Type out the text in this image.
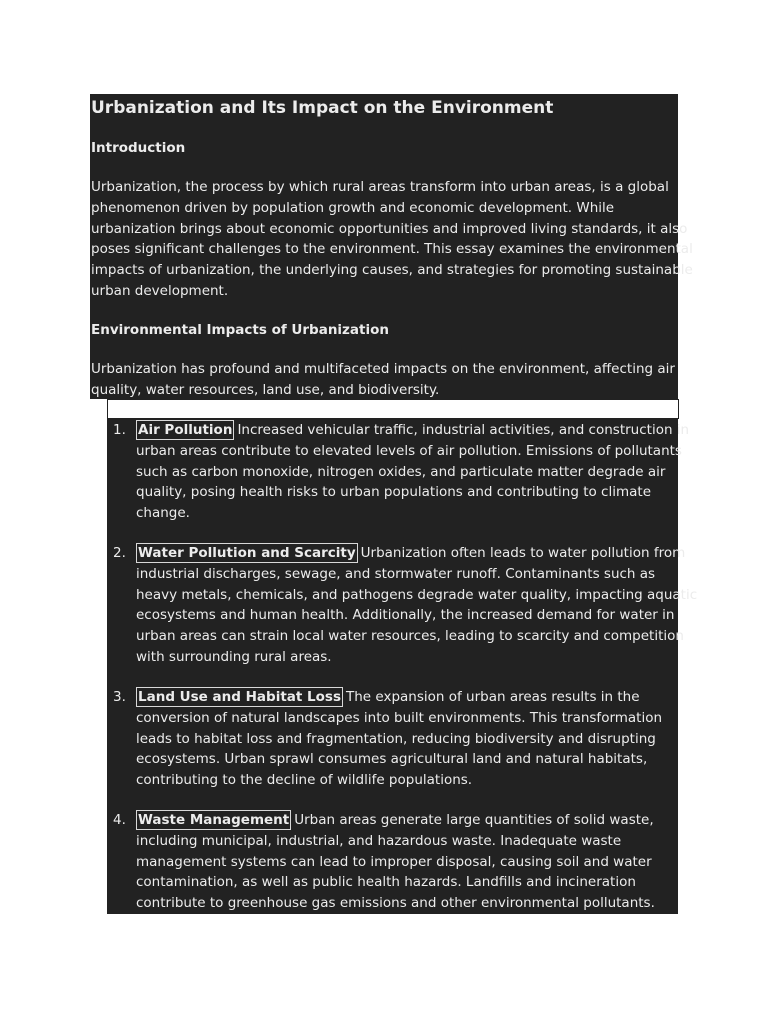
Urbanization and Its Impact on the Environment
Introduction

Urbanization, the process by which rural areas transform into urban areas, is a global
phenomenon driven by population growth and economic development. While
urbanization brings about economic opportunities and improved living standards, it also
poses significant challenges to the environment. This essay examines the environmental
impacts of urbanization, the underlying causes, and strategies for promoting sustainable
urban development.

Environmental Impacts of Urbanization

Urbanization has profound and multifaceted impacts on the environment, affecting air
quality, water resources, land use, and biodiversity.

1. Air Pollution Increased vehicular traffic, industrial activities, and construction in
urban areas contribute to elevated levels of air pollution. Emissions of pollutants
such as carbon monoxide, nitrogen oxides, and particulate matter degrade air
quality, posing health risks to urban populations and contributing to climate
change.
2. Water Pollution and Scarcity Urbanization often leads to water pollution from
industrial discharges, sewage, and stormwater runoff. Contaminants such as
heavy metals, chemicals, and pathogens degrade water quality, impacting aquatic
ecosystems and human health. Additionally, the increased demand for water in
urban areas can strain local water resources, leading to scarcity and competition
with surrounding rural areas.
3. Land Use and Habitat Loss The expansion of urban areas results in the
conversion of natural landscapes into built environments. This transformation
leads to habitat loss and fragmentation, reducing biodiversity and disrupting
ecosystems. Urban sprawl consumes agricultural land and natural habitats,
contributing to the decline of wildlife populations.
4. Waste Management Urban areas generate large quantities of solid waste,
including municipal, industrial, and hazardous waste. Inadequate waste
management systems can lead to improper disposal, causing soil and water
contamination, as well as public health hazards. Landfills and incineration
contribute to greenhouse gas emissions and other environmental pollutants.
